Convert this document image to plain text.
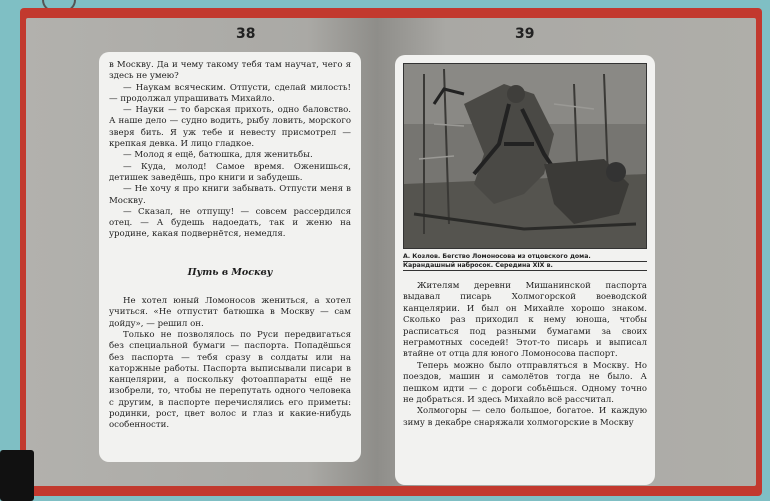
38

в Москву. Да и чему такому тебя там научат, чего я здесь не умею?

— Наукам всяческим. Отпусти, сделай милость! — продолжал упрашивать Михайло.

— Науки — то барская прихоть, одно баловство. А наше дело — судно водить, рыбу ловить, морского зверя бить. Я уж тебе и невесту присмотрел — крепкая девка. И лицо гладкое.

— Молод я ещё, батюшка, для женитьбы.

— Куда, молод! Самое время. Оженишься, детишек заведёшь, про книги и забудешь.

— Не хочу я про книги забывать. Отпусти меня в Москву.

— Сказал, не отпущу! — совсем рассердился отец. — А будешь надоедать, так и женю на уродине, какая подвернётся, немедля.

Путь в Москву

Не хотел юный Ломоносов жениться, а хотел учиться. «Не отпустит батюшка в Москву — сам дойду», — решил он.

Только не позволялось по Руси передвигаться без специальной бумаги — паспорта. Попадёшься без паспорта — тебя сразу в солдаты или на каторжные работы. Паспорта выписывали писари в канцелярии, а поскольку фотоаппараты ещё не изобрели, то, чтобы не перепутать одного человека с другим, в паспорте перечислялись его приметы: родинки, рост, цвет волос и глаз и какие-нибудь особенности.

39
А. Козлов. Бегство Ломоносова из отцовского дома.
Карандашный набросок. Середина XIX в.

Жителям деревни Мишанинской паспорта выдавал писарь Холмогорской воеводской канцелярии. И был он Михайле хорошо знаком. Сколько раз приходил к нему юноша, чтобы расписаться под разными бумагами за своих неграмотных соседей! Этот-то писарь и выписал втайне от отца для юного Ломоносова паспорт.

Теперь можно было отправляться в Москву. Но поездов, машин и самолётов тогда не было. А пешком идти — с дороги собьёшься. Одному точно не добраться. И здесь Михайло всё рассчитал.

Холмогоры — село большое, богатое. И каждую зиму в декабре снаряжали холмогорские в Москву
